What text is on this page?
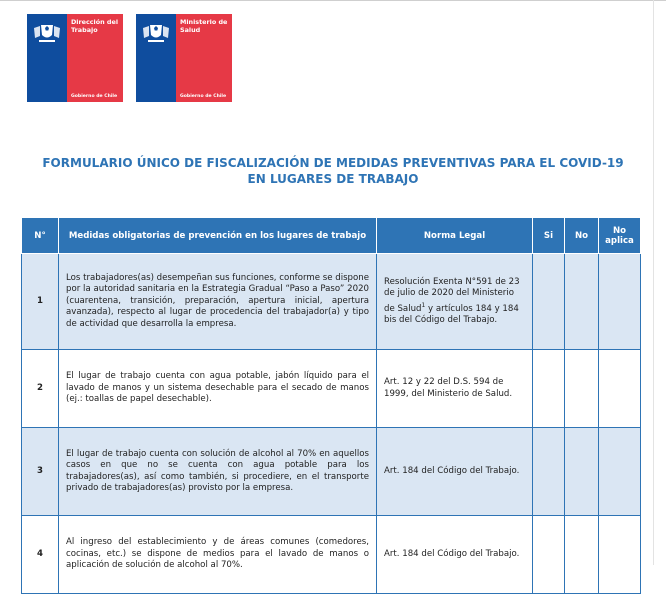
Dirección del Trabajo
Gobierno de Chile
Ministerio de Salud
Gobierno de Chile
FORMULARIO ÚNICO DE FISCALIZACIÓN DE MEDIDAS PREVENTIVAS PARA EL COVID-19 EN LUGARES DE TRABAJO
N°	Medidas obligatorias de prevención en los lugares de trabajo	Norma Legal	Si	No	No aplica
1	Los trabajadores(as) desempeñan sus funciones, conforme se dispone por la autoridad sanitaria en la Estrategia Gradual “Paso a Paso” 2020 (cuarentena, transición, preparación, apertura inicial, apertura avanzada), respecto al lugar de procedencia del trabajador(a) y tipo de actividad que desarrolla la empresa.	Resolución Exenta N°591 de 23 de julio de 2020 del Ministerio de Salud$^1$ y artículos 184 y 184 bis del Código del Trabajo.			
2	El lugar de trabajo cuenta con agua potable, jabón líquido para el lavado de manos y un sistema desechable para el secado de manos (ej.: toallas de papel desechable).	Art. 12 y 22 del D.S. 594 de 1999, del Ministerio de Salud.			
3	El lugar de trabajo cuenta con solución de alcohol al 70% en aquellos casos en que no se cuenta con agua potable para los trabajadores(as), así como también, si procediere, en el transporte privado de trabajadores(as) provisto por la empresa.	Art. 184 del Código del Trabajo.			
4	Al ingreso del establecimiento y de áreas comunes (comedores, cocinas, etc.) se dispone de medios para el lavado de manos o aplicación de solución de alcohol al 70%.	Art. 184 del Código del Trabajo.			
